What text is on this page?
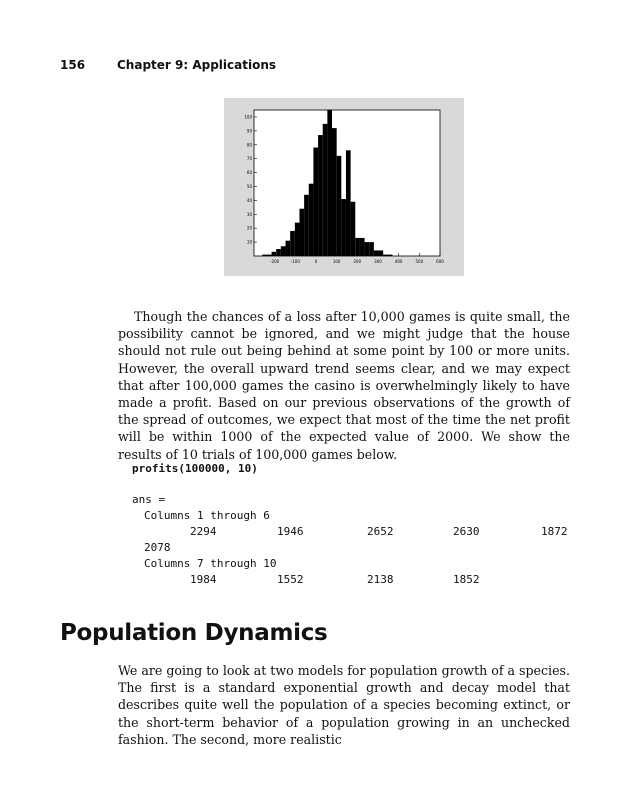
156	Chapter 9: Applications
-200	-100	0	100	200	300	400	500	600
10
20
30
40
50
60
70
80
90
100

Though the chances of a loss after 10,000 games is quite small, the possibility cannot be ignored, and we might judge that the house should not rule out being behind at some point by 100 or more units. However, the overall upward trend seems clear, and we may expect that after 100,000 games the casino is overwhelmingly likely to have made a profit. Based on our previous observations of the growth of the spread of outcomes, we expect that most of the time the net profit will be within 1000 of the expected value of 2000. We show the results of 10 trials of 100,000 games below.

profits(100000, 10)
ans =
Columns 1 through 6
2294	1946	2652	2630	1872
2078
Columns 7 through 10
1984	1552	2138	1852
Population Dynamics

We are going to look at two models for population growth of a species. The first is a standard exponential growth and decay model that describes quite well the population of a species becoming extinct, or the short-term behavior of a population growing in an unchecked fashion. The second, more realistic
